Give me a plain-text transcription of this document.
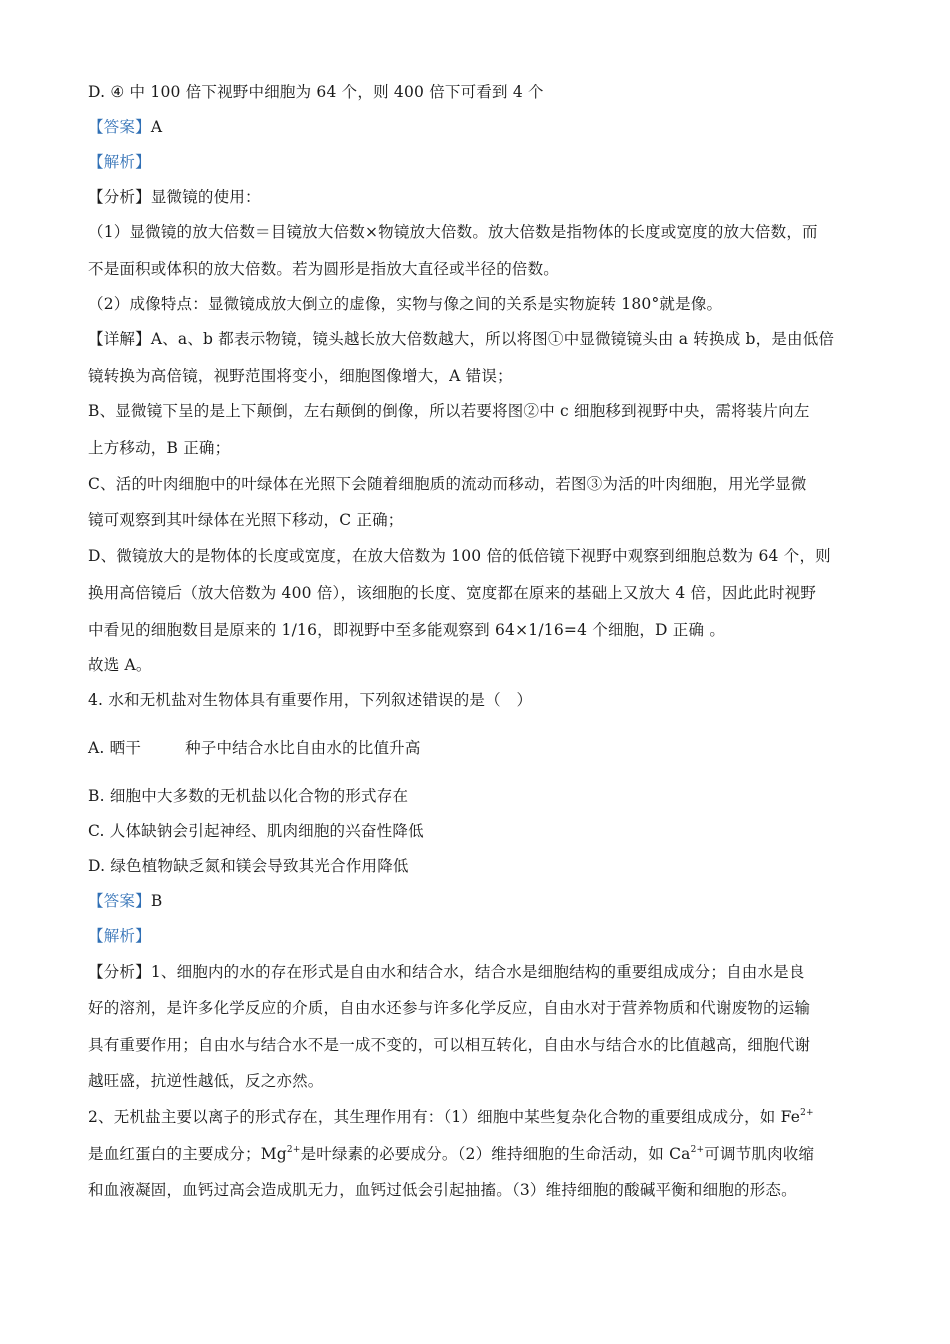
D. ④ 中 100 倍下视野中细胞为 64 个，则 400 倍下可看到 4 个
【答案】A
【解析】
【分析】显微镜的使用：
（1）显微镜的放大倍数＝目镜放大倍数×物镜放大倍数。放大倍数是指物体的长度或宽度的放大倍数，而
不是面积或体积的放大倍数。若为圆形是指放大直径或半径的倍数。
（2）成像特点：显微镜成放大倒立的虚像，实物与像之间的关系是实物旋转 180°就是像。
【详解】A、a、b 都表示物镜，镜头越长放大倍数越大，所以将图①中显微镜镜头由 a 转换成 b，是由低倍
镜转换为高倍镜，视野范围将变小，细胞图像增大，A 错误；
B、显微镜下呈的是上下颠倒，左右颠倒的倒像，所以若要将图②中 c 细胞移到视野中央，需将装片向左
上方移动，B 正确；
C、活的叶肉细胞中的叶绿体在光照下会随着细胞质的流动而移动，若图③为活的叶肉细胞，用光学显微
镜可观察到其叶绿体在光照下移动，C 正确；
D、微镜放大的是物体的长度或宽度，在放大倍数为 100 倍的低倍镜下视野中观察到细胞总数为 64 个，则
换用高倍镜后（放大倍数为 400 倍），该细胞的长度、宽度都在原来的基础上又放大 4 倍，因此此时视野
中看见的细胞数目是原来的 1/16，即视野中至多能观察到 64×1/16=4 个细胞，D 正确 。
故选 A。
4. 水和无机盐对生物体具有重要作用，下列叙述错误的是（　）
A. 晒干	种子中结合水比自由水的比值升高
B. 细胞中大多数的无机盐以化合物的形式存在
C. 人体缺钠会引起神经、肌肉细胞的兴奋性降低
D. 绿色植物缺乏氮和镁会导致其光合作用降低
【答案】B
【解析】
【分析】1、细胞内的水的存在形式是自由水和结合水，结合水是细胞结构的重要组成成分；自由水是良
好的溶剂，是许多化学反应的介质，自由水还参与许多化学反应，自由水对于营养物质和代谢废物的运输
具有重要作用；自由水与结合水不是一成不变的，可以相互转化，自由水与结合水的比值越高，细胞代谢
越旺盛，抗逆性越低，反之亦然。
2、无机盐主要以离子的形式存在，其生理作用有：（1）细胞中某些复杂化合物的重要组成成分，如 $Fe^{2+}$
是血红蛋白的主要成分；$Mg^{2+}$是叶绿素的必要成分。（2）维持细胞的生命活动，如 $Ca^{2+}$可调节肌肉收缩
和血液凝固，血钙过高会造成肌无力，血钙过低会引起抽搐。（3）维持细胞的酸碱平衡和细胞的形态。
